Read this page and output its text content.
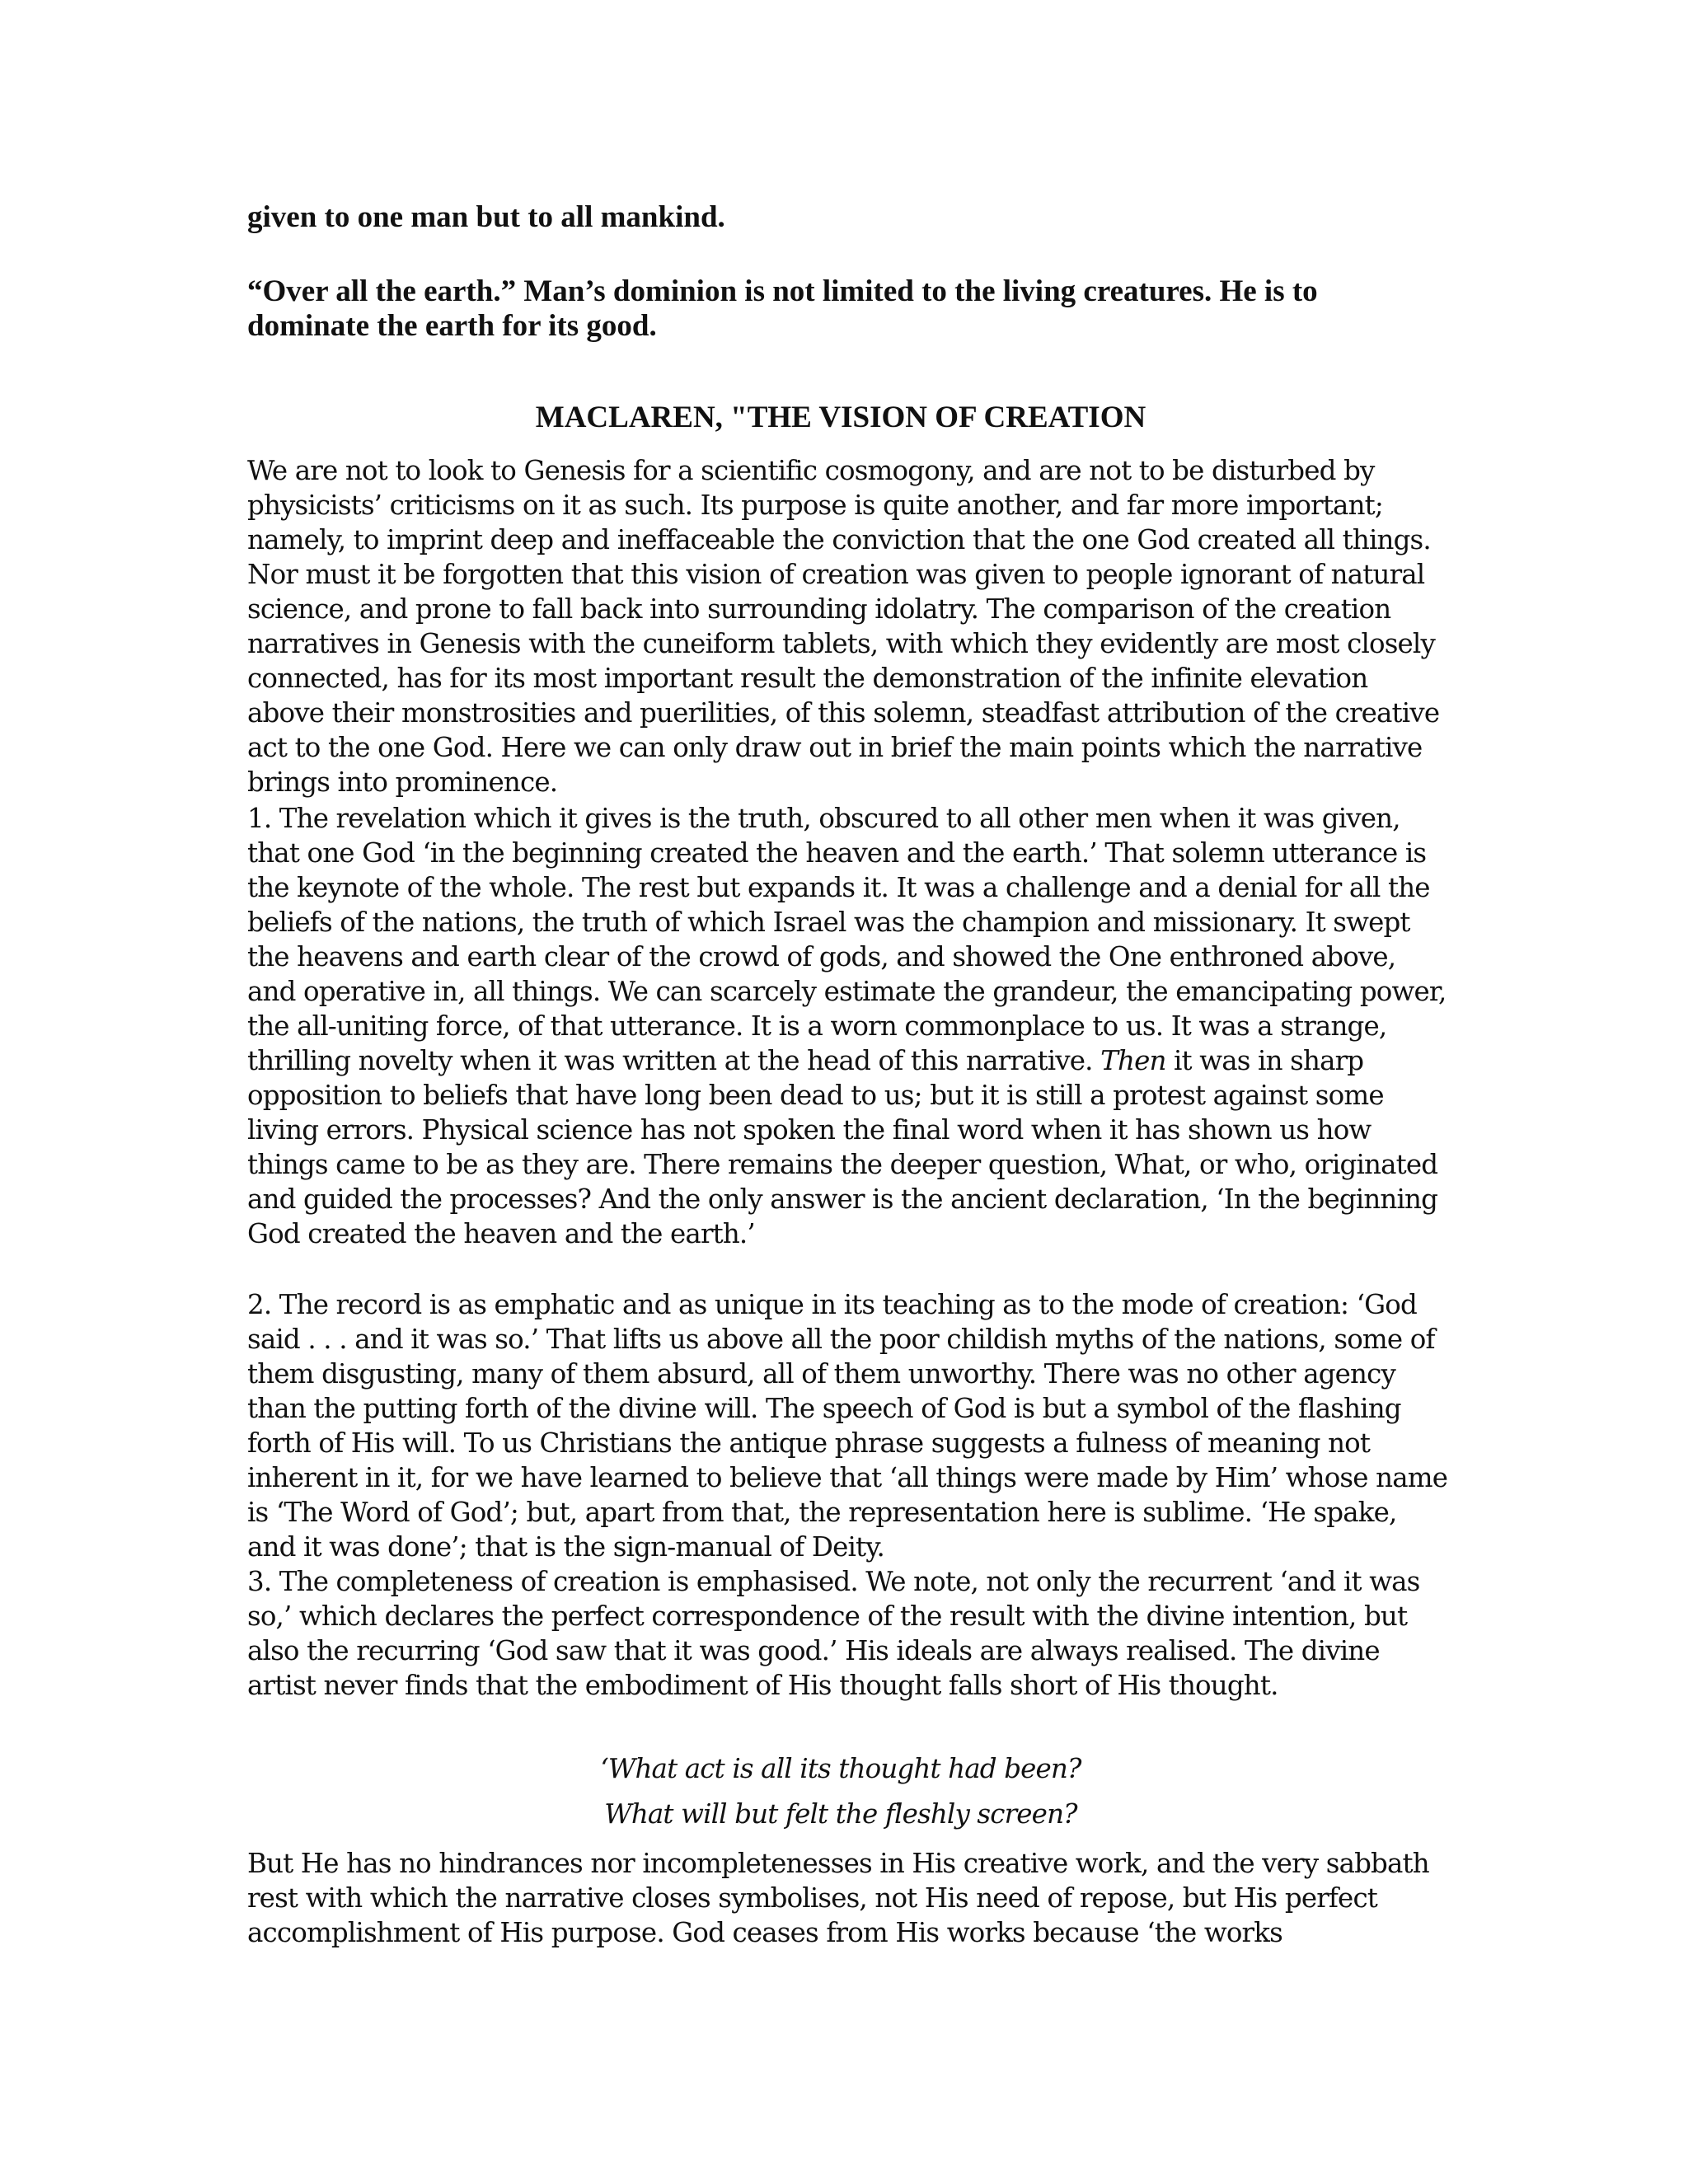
given to one man but to all mankind.

“Over all the earth.” Man’s dominion is not limited to the living creatures. He is to dominate the earth for its good.

MACLAREN, "THE VISION OF CREATION

We are not to look to Genesis for a scientific cosmogony, and are not to be disturbed by physicists’ criticisms on it as such. Its purpose is quite another, and far more important; namely, to imprint deep and ineffaceable the conviction that the one God created all things. Nor must it be forgotten that this vision of creation was given to people ignorant of natural science, and prone to fall back into surrounding idolatry. The comparison of the creation narratives in Genesis with the cuneiform tablets, with which they evidently are most closely connected, has for its most important result the demonstration of the infinite elevation above their monstrosities and puerilities, of this solemn, steadfast attribution of the creative act to the one God. Here we can only draw out in brief the main points which the narrative brings into prominence.

1. The revelation which it gives is the truth, obscured to all other men when it was given, that one God ‘in the beginning created the heaven and the earth.’ That solemn utterance is the keynote of the whole. The rest but expands it. It was a challenge and a denial for all the beliefs of the nations, the truth of which Israel was the champion and missionary. It swept the heavens and earth clear of the crowd of gods, and showed the One enthroned above, and operative in, all things. We can scarcely estimate the grandeur, the emancipating power, the all-uniting force, of that utterance. It is a worn commonplace to us. It was a strange, thrilling novelty when it was written at the head of this narrative. Then it was in sharp opposition to beliefs that have long been dead to us; but it is still a protest against some living errors. Physical science has not spoken the final word when it has shown us how things came to be as they are. There remains the deeper question, What, or who, originated and guided the processes? And the only answer is the ancient declaration, ‘In the beginning God created the heaven and the earth.’

2. The record is as emphatic and as unique in its teaching as to the mode of creation: ‘God said . . . and it was so.’ That lifts us above all the poor childish myths of the nations, some of them disgusting, many of them absurd, all of them unworthy. There was no other agency than the putting forth of the divine will. The speech of God is but a symbol of the flashing forth of His will. To us Christians the antique phrase suggests a fulness of meaning not inherent in it, for we have learned to believe that ‘all things were made by Him’ whose name is ‘The Word of God’; but, apart from that, the representation here is sublime. ‘He spake, and it was done’; that is the sign-manual of Deity.

3. The completeness of creation is emphasised. We note, not only the recurrent ‘and it was so,’ which declares the perfect correspondence of the result with the divine intention, but also the recurring ‘God saw that it was good.’ His ideals are always realised. The divine artist never finds that the embodiment of His thought falls short of His thought.

‘What act is all its thought had been?

What will but felt the fleshly screen?

But He has no hindrances nor incompletenesses in His creative work, and the very sabbath rest with which the narrative closes symbolises, not His need of repose, but His perfect accomplishment of His purpose. God ceases from His works because ‘the works
